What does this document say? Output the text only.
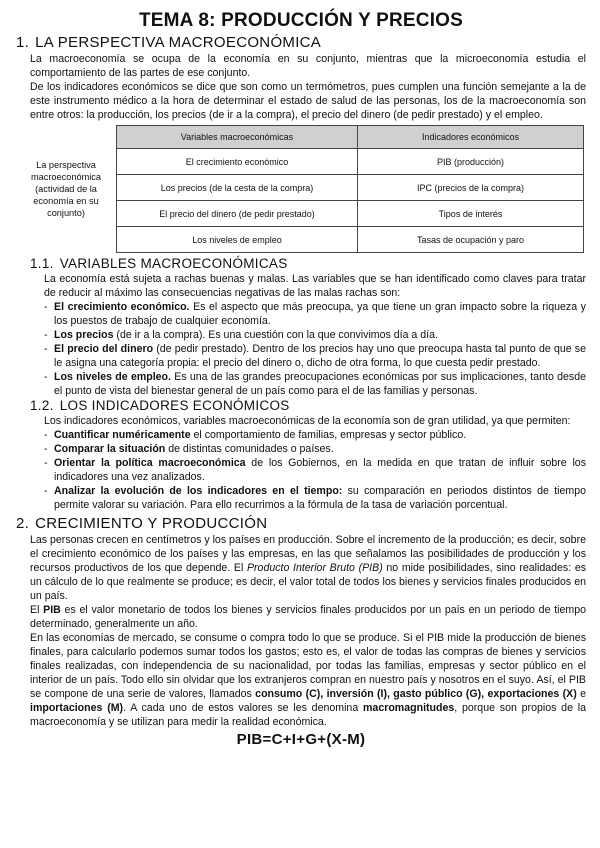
TEMA 8: PRODUCCIÓN Y PRECIOS
1. LA PERSPECTIVA MACROECONÓMICA

La macroeconomía se ocupa de la economía en su conjunto, mientras que la microeconomía estudia el comportamiento de las partes de ese conjunto.

De los indicadores económicos se dice que son como un termómetros, pues cumplen una función semejante a la de este instrumento médico a la hora de determinar el estado de salud de las personas, los de la macroeconomía son entre otros: la producción, los precios (de ir a la compra), el precio del dinero (de pedir prestado) y el empleo.

La perspectiva macroeconómica (actividad de la economía en su conjunto)	Variables macroeconómicas	Indicadores económicos
	El crecimiento económico	PIB (producción)
	Los precios (de la cesta de la compra)	IPC (precios de la compra)
	El precio del dinero (de pedir prestado)	Tipos de interés
	Los niveles de empleo	Tasas de ocupación y paro
1.1. VARIABLES MACROECONÓMICAS

La economía está sujeta a rachas buenas y malas. Las variables que se han identificado como claves para tratar de reducir al máximo las consecuencias negativas de las malas rachas son:

- El crecimiento económico. Es el aspecto que más preocupa, ya que tiene un gran impacto sobre la riqueza y los puestos de trabajo de cualquier economía.
- Los precios (de ir a la compra). Es una cuestión con la que convivimos día a día.
- El precio del dinero (de pedir prestado). Dentro de los precios hay uno que preocupa hasta tal punto de que se le asigna una categoría propia: el precio del dinero o, dicho de otra forma, lo que cuesta pedir prestado.
- Los niveles de empleo. Es una de las grandes preocupaciones económicas por sus implicaciones, tanto desde el punto de vista del bienestar general de un país como para el de las familias y personas.
1.2. LOS INDICADORES ECONÓMICOS

Los indicadores económicos, variables macroeconómicas de la economía son de gran utilidad, ya que permiten:

- Cuantificar numéricamente el comportamiento de familias, empresas y sector público.
- Comparar la situación de distintas comunidades o países.
- Orientar la política macroeconómica de los Gobiernos, en la medida en que tratan de influir sobre los indicadores una vez analizados.
- Analizar la evolución de los indicadores en el tiempo: su comparación en periodos distintos de tiempo permite valorar su variación. Para ello recurrimos a la fórmula de la tasa de variación porcentual.
2. CRECIMIENTO Y PRODUCCIÓN

Las personas crecen en centímetros y los países en producción. Sobre el incremento de la producción; es decir, sobre el crecimiento económico de los países y las empresas, en las que señalamos las posibilidades de producción y los recursos productivos de los que depende. El Producto Interior Bruto (PIB) no mide posibilidades, sino realidades: es un cálculo de lo que realmente se produce; es decir, el valor total de todos los bienes y servicios finales producidos en un país.

El PIB es el valor monetario de todos los bienes y servicios finales producidos por un país en un periodo de tiempo determinado, generalmente un año.

En las economías de mercado, se consume o compra todo lo que se produce. Si el PIB mide la producción de bienes finales, para calcularlo podemos sumar todos los gastos; esto es, el valor de todas las compras de bienes y servicios finales realizadas, con independencia de su nacionalidad, por todas las familias, empresas y sector público en el interior de un país. Todo ello sin olvidar que los extranjeros compran en nuestro país y nosotros en el suyo. Así, el PIB se compone de una serie de valores, llamados consumo (C), inversión (I), gasto público (G), exportaciones (X) e importaciones (M). A cada uno de estos valores se les denomina macromagnitudes, porque son propios de la macroeconomía y se utilizan para medir la realidad económica.

PIB=C+I+G+(X-M)
